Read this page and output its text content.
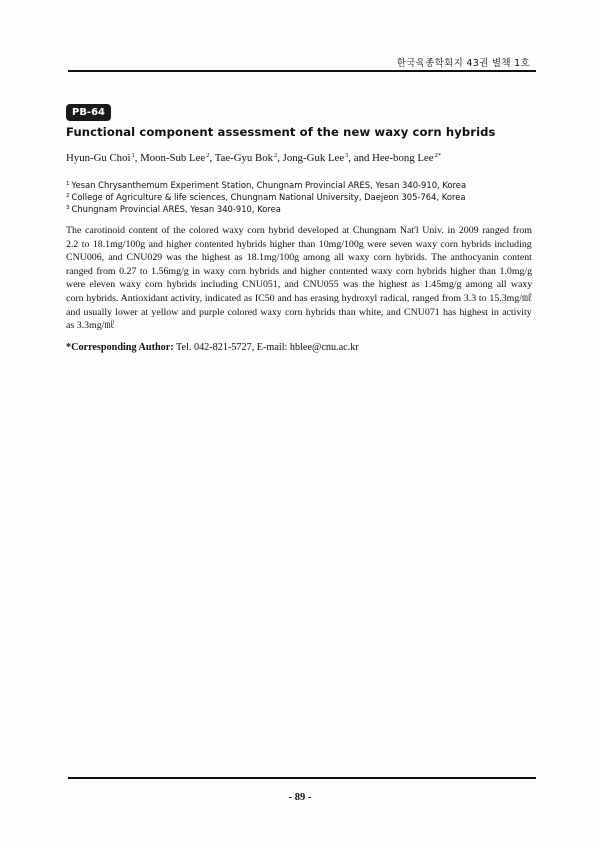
한국육종학회지 43권 별책 1호
PB-64
Functional component assessment of the new waxy corn hybrids
Hyun-Gu Choi$^1$, Moon-Sub Lee$^2$, Tae-Gyu Bok$^2$, Jong-Guk Lee$^3$, and Hee-bong Lee$^{2*}$
$^1$ Yesan Chrysanthemum Experiment Station, Chungnam Provincial ARES, Yesan 340-910, Korea
$^2$ College of Agriculture & life sciences, Chungnam National University, Daejeon 305-764, Korea
$^3$ Chungnam Provincial ARES, Yesan 340-910, Korea
The carotinoid content of the colored waxy corn hybrid developed at Chungnam Nat'l Univ. in 2009 ranged from
2.2 to 18.1mg/100g and higher contented hybrids higher than 10mg/100g were seven waxy corn hybrids including
CNU006, and CNU029 was the highest as 18.1mg/100g among all waxy corn hybrids. The anthocyanin content
ranged from 0.27 to 1.56mg/g in waxy corn hybrids and higher contented waxy corn hybrids higher than 1.0mg/g
were eleven waxy corn hybrids including CNU051, and CNU055 was the highest as 1.45mg/g among all waxy
corn hybrids. Antioxidant activity, indicated as IC50 and has erasing hydroxyl radical, ranged from 3.3 to 15.3mg/㎖
and usually lower at yellow and purple colored waxy corn hybrids than white, and CNU071 has highest in activity
as 3.3mg/㎖
*Corresponding Author: Tel. 042-821-5727, E-mail: hblee@cnu.ac.kr
- 89 -
